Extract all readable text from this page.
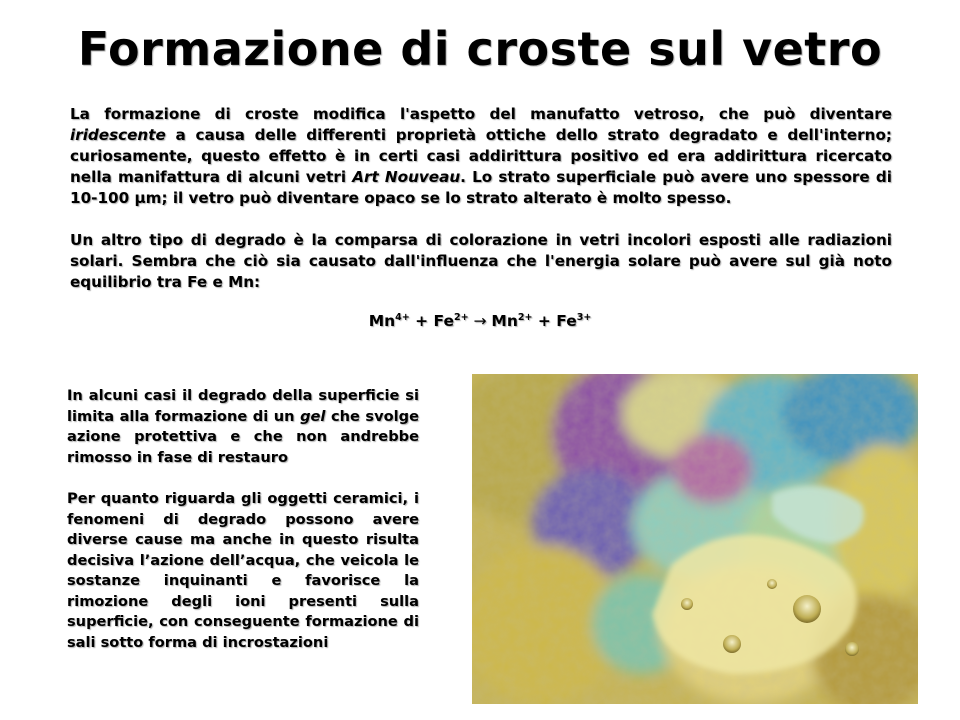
Formazione di croste sul vetro

La formazione di croste modifica l'aspetto del manufatto vetroso, che può diventare iridescente a causa delle differenti proprietà ottiche dello strato degradato e dell'interno; curiosamente, questo effetto è in certi casi addirittura positivo ed era addirittura ricercato nella manifattura di alcuni vetri Art Nouveau. Lo strato superficiale può avere uno spessore di 10-100 μm; il vetro può diventare opaco se lo strato alterato è molto spesso.

Un altro tipo di degrado è la comparsa di colorazione in vetri incolori esposti alle radiazioni solari. Sembra che ciò sia causato dall'influenza che l'energia solare può avere sul già noto equilibrio tra Fe e Mn:

$Mn^{4+} + Fe^{2+} \to Mn^{2+} + Fe^{3+}$

In alcuni casi il degrado della superficie si limita alla formazione di un gel che svolge azione protettiva e che non andrebbe rimosso in fase di restauro

Per quanto riguarda gli oggetti ceramici, i fenomeni di degrado possono avere diverse cause ma anche in questo risulta decisiva l’azione dell’acqua, che veicola le sostanze inquinanti e favorisce la rimozione degli ioni presenti sulla superficie, con conseguente formazione di sali sotto forma di incrostazioni
